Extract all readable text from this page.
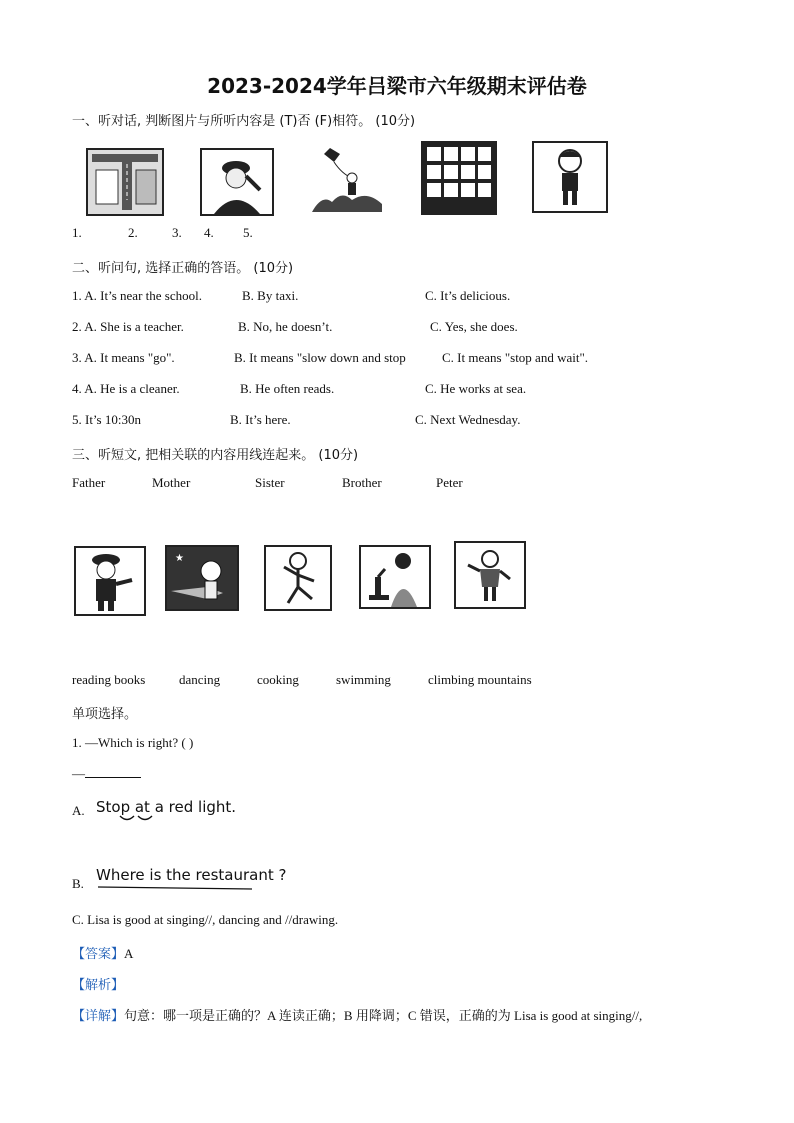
2023-2024学年吕梁市六年级期末评估卷
一、听对话, 判断图片与所听内容是 (T)否 (F)相符。 (10分)
1.	2.	3. 4. 5.
二、听问句, 选择正确的答语。 (10分)
1. A. It’s near the school.	B. By taxi.	C. It’s delicious.
2. A. She is a teacher.	B. No, he doesn’t.	C. Yes, she does.
3. A. It means "go".	B. It means "slow down and stop	C. It means "stop and wait".
4. A. He is a cleaner.	B. He often reads.	C. He works at sea.
5. It’s 10:30n	B. It’s here.	C. Next Wednesday.
三、听短文, 把相关联的内容用线连起来。 (10分)
Father	Mother	Sister	Brother	Peter
★
reading books	dancing	cooking	swimming	climbing mountains
单项选择。
1. —Which is right? ( )
—
A. Stop at a red light.
B. Where is the restaurant ?
C. Lisa is good at singing//, dancing and //drawing.
【答案】A
【解析】
【详解】句意：哪一项是正确的？A 连读正确；B 用降调；C 错误，正确的为 Lisa is good at singing//,
